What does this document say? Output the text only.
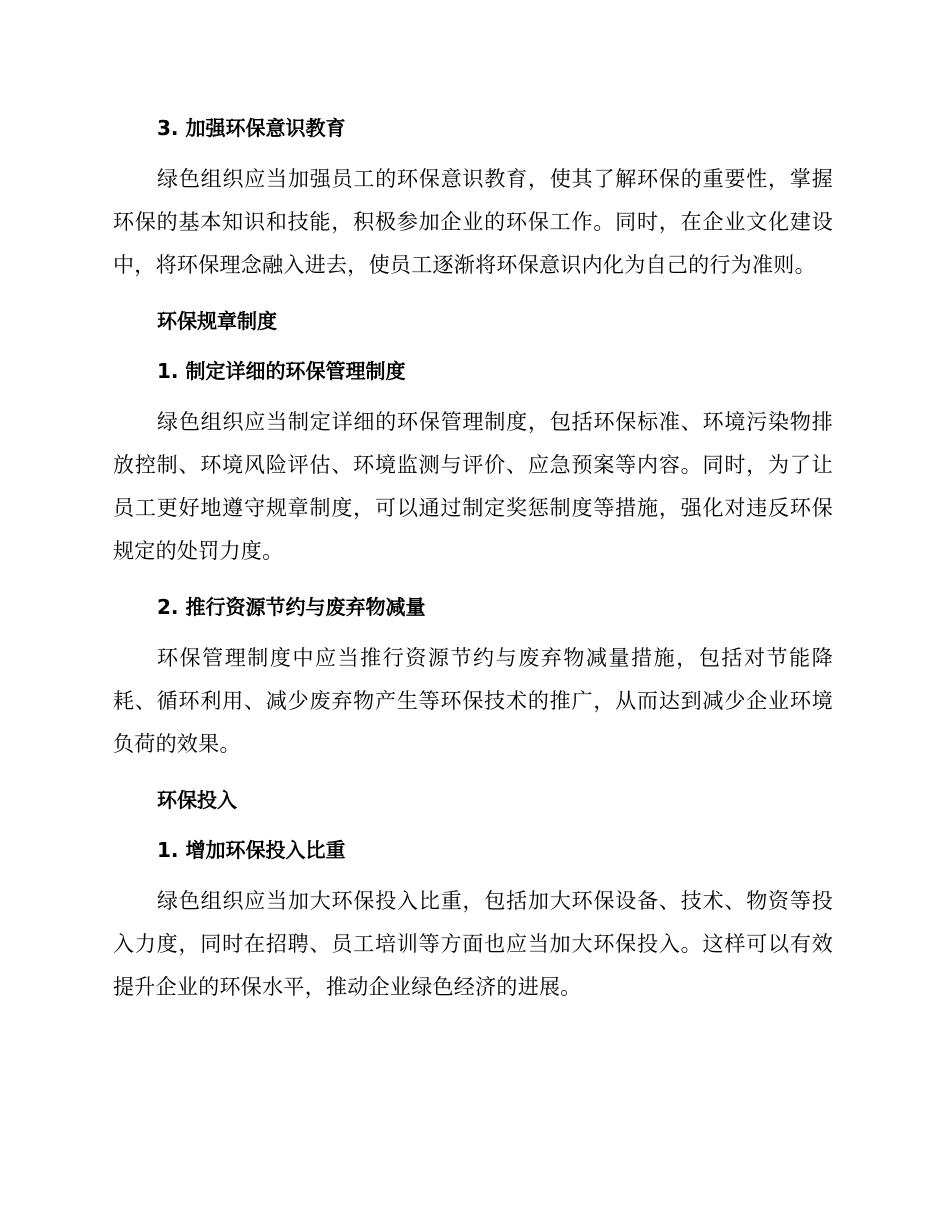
3. 加强环保意识教育

绿色组织应当加强员工的环保意识教育，使其了解环保的重要性，掌握环保的基本知识和技能，积极参加企业的环保工作。同时，在企业文化建设中，将环保理念融入进去，使员工逐渐将环保意识内化为自己的行为准则。

环保规章制度

1. 制定详细的环保管理制度

绿色组织应当制定详细的环保管理制度，包括环保标准、环境污染物排放控制、环境风险评估、环境监测与评价、应急预案等内容。同时，为了让员工更好地遵守规章制度，可以通过制定奖惩制度等措施，强化对违反环保规定的处罚力度。

2. 推行资源节约与废弃物减量

环保管理制度中应当推行资源节约与废弃物减量措施，包括对节能降耗、循环利用、减少废弃物产生等环保技术的推广，从而达到减少企业环境负荷的效果。

环保投入

1. 增加环保投入比重

绿色组织应当加大环保投入比重，包括加大环保设备、技术、物资等投入力度，同时在招聘、员工培训等方面也应当加大环保投入。这样可以有效提升企业的环保水平，推动企业绿色经济的进展。
